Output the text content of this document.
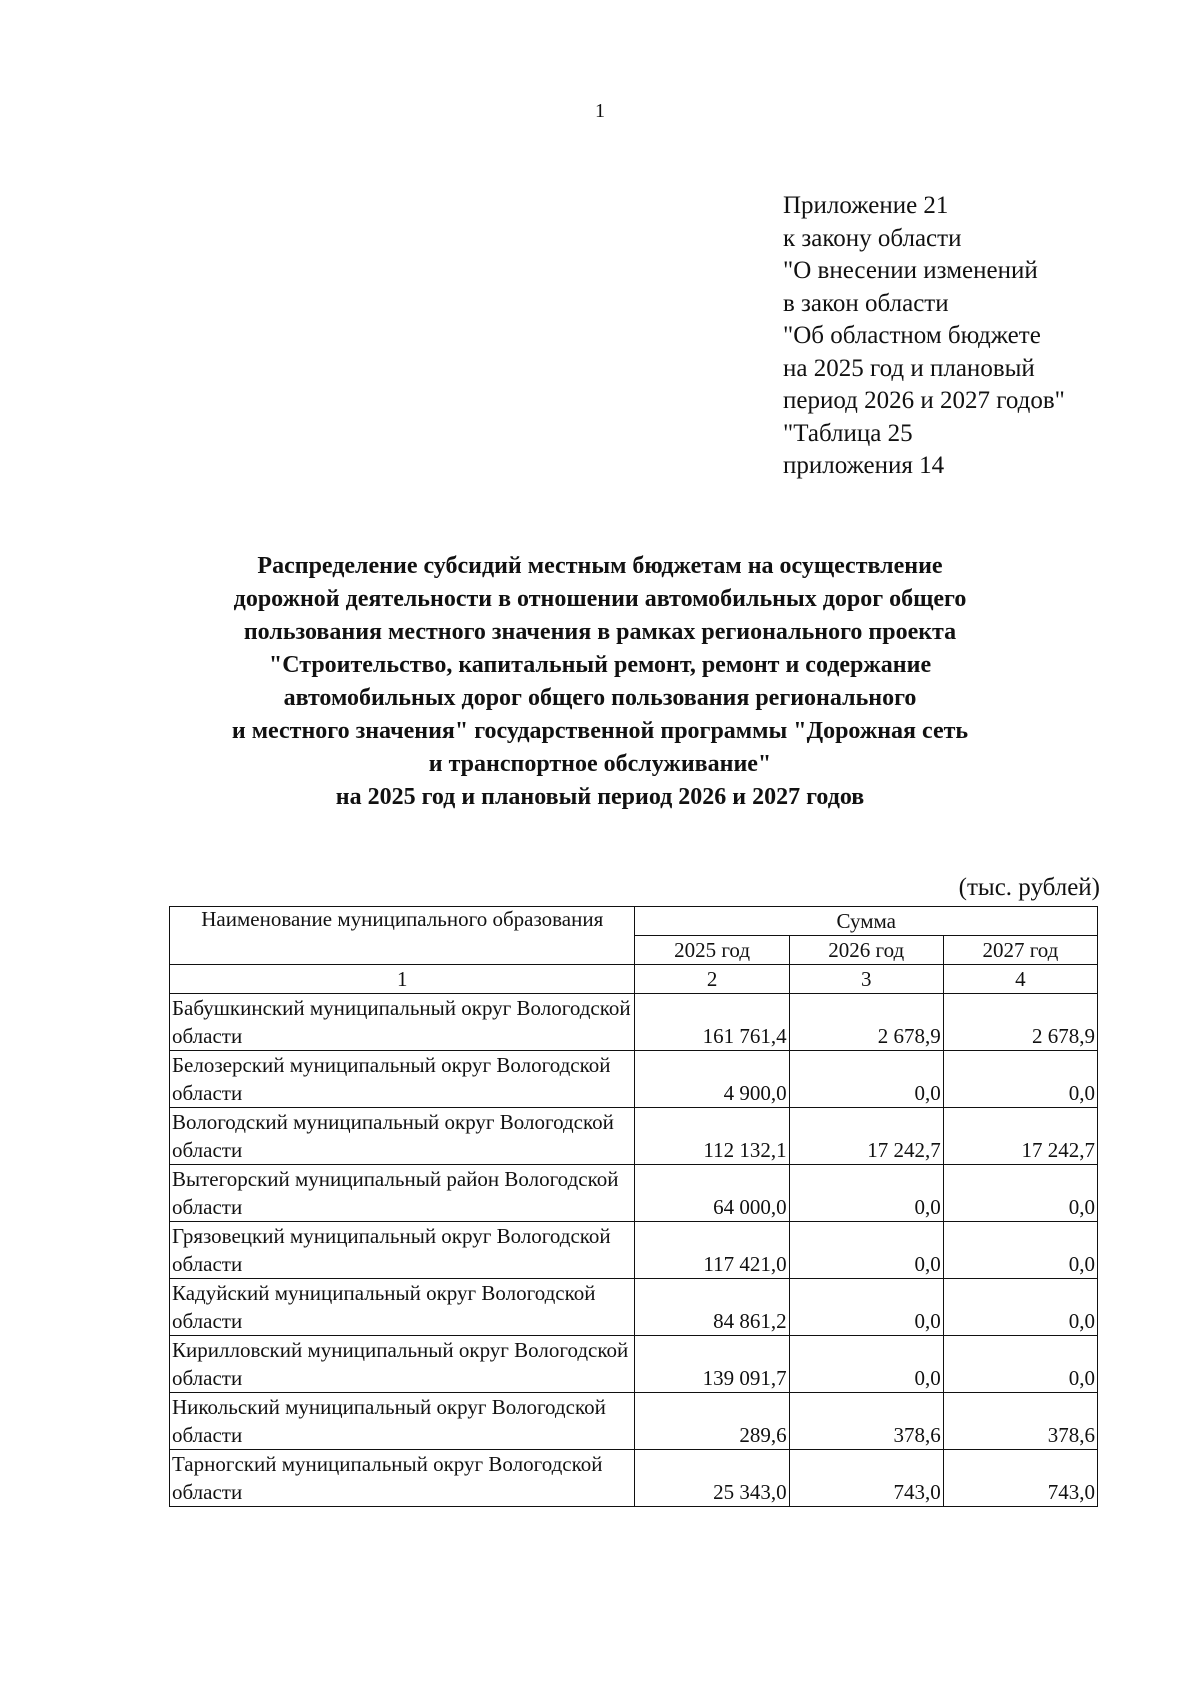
1
Приложение 21
к закону области
"О внесении изменений
в закон области
"Об областном бюджете
на 2025 год и плановый
период 2026 и 2027 годов"
"Таблица 25
приложения 14
Распределение субсидий местным бюджетам на осуществление
дорожной деятельности в отношении автомобильных дорог общего
пользования местного значения в рамках регионального проекта
"Строительство, капитальный ремонт, ремонт и содержание
автомобильных дорог общего пользования регионального
и местного значения" государственной программы "Дорожная сеть
и транспортное обслуживание"
на 2025 год и плановый период 2026 и 2027 годов
(тыс. рублей)
Наименование муниципального образования	Сумма		
	2025 год	2026 год	2027 год
1	2	3	4
Бабушкинский муниципальный округ Вологодской области	161 761,4	2 678,9	2 678,9
Белозерский муниципальный округ Вологодской области	4 900,0	0,0	0,0
Вологодский муниципальный округ Вологодской области	112 132,1	17 242,7	17 242,7
Вытегорский муниципальный район Вологодской области	64 000,0	0,0	0,0
Грязовецкий муниципальный округ Вологодской области	117 421,0	0,0	0,0
Кадуйский муниципальный округ Вологодской области	84 861,2	0,0	0,0
Кирилловский муниципальный округ Вологодской области	139 091,7	0,0	0,0
Никольский муниципальный округ Вологодской области	289,6	378,6	378,6
Тарногский муниципальный округ Вологодской области	25 343,0	743,0	743,0
